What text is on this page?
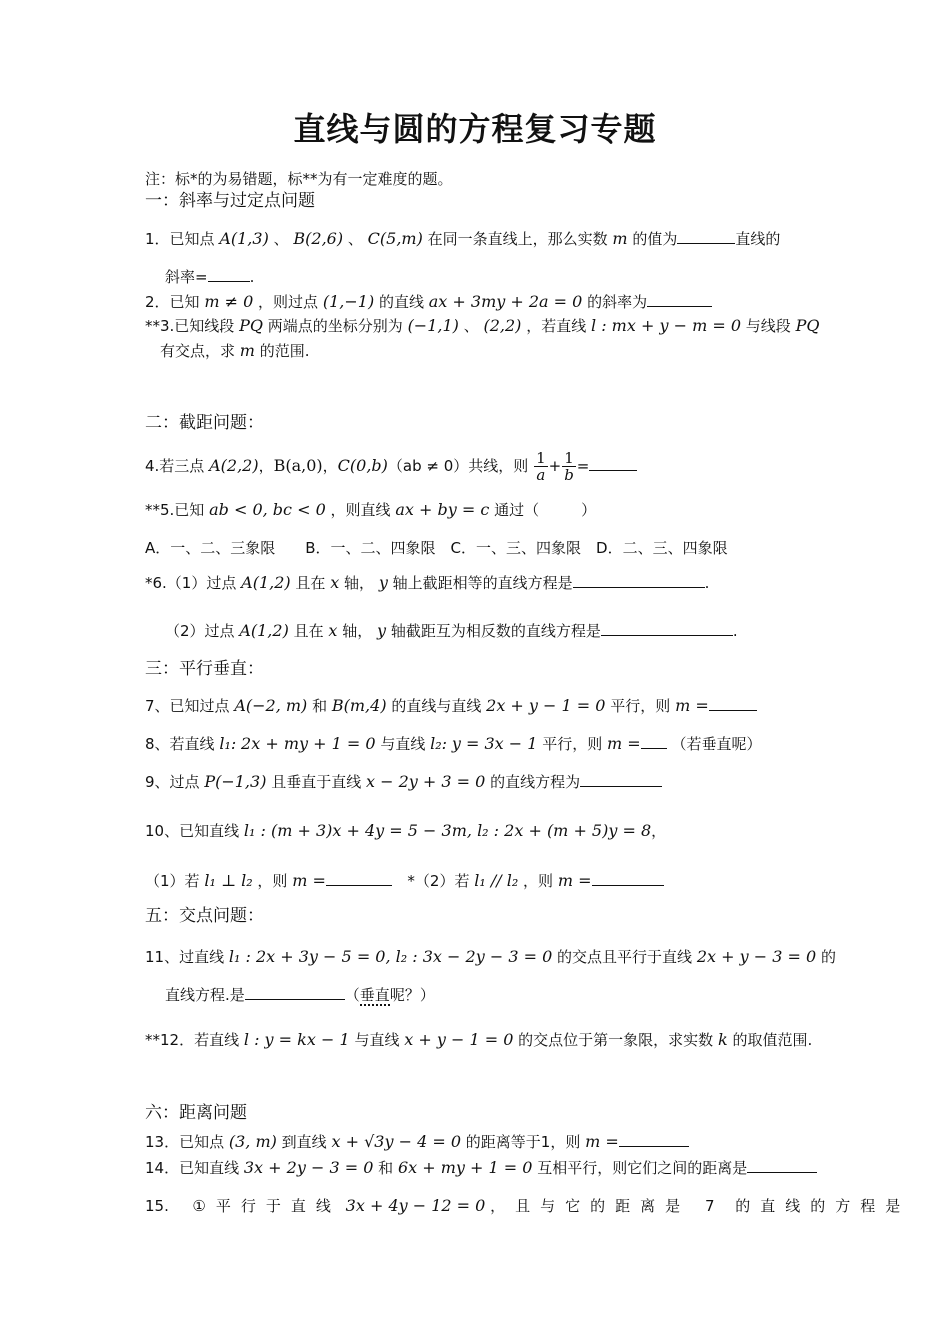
直线与圆的方程复习专题
注：标*的为易错题，标**为有一定难度的题。
一：斜率与过定点问题
1．已知点 A(1,3) 、 B(2,6) 、 C(5,m) 在同一条直线上，那么实数 m 的值为	直线的
斜率=	.
2．已知 m ≠ 0 ，则过点 (1,−1) 的直线 ax + 3my + 2a = 0 的斜率为
**3.已知线段 PQ 两端点的坐标分别为 (−1,1) 、 (2,2) ，若直线 l : mx + y − m = 0 与线段 PQ
有交点，求 m 的范围.
二：截距问题：
4.若三点 A(2,2)，B(a,0)，C(0,b)（ab ≠ 0）共线，则 $\frac{1}{a} + \frac{1}{b}$ =
**5.已知 ab < 0, bc < 0 ，则直线 ax + by = c 通过（	）
A．一、二、三象限　　B．一、二、四象限　C．一、三、四象限　D．二、三、四象限
*6.（1）过点 A(1,2) 且在 x 轴， y 轴上截距相等的直线方程是	.
（2）过点 A(1,2) 且在 x 轴， y 轴截距互为相反数的直线方程是	.
三：平行垂直：
7、已知过点 A(−2, m) 和 B(m,4) 的直线与直线 2x + y − 1 = 0 平行，则 m =
8、若直线 l₁: 2x + my + 1 = 0 与直线 l₂: y = 3x − 1 平行，则 m = （若垂直呢）
9、过点 P(−1,3) 且垂直于直线 x − 2y + 3 = 0 的直线方程为
10、已知直线 l₁ : (m + 3)x + 4y = 5 − 3m, l₂ : 2x + (m + 5)y = 8，
（1）若 l₁ ⊥ l₂ ，则 m =	*（2）若 l₁ // l₂ ，则 m =
五：交点问题：
11、过直线 l₁ : 2x + 3y − 5 = 0, l₂ : 3x − 2y − 3 = 0 的交点且平行于直线 2x + y − 3 = 0 的
直线方程.是	（垂直呢？）
**12．若直线 l : y = kx − 1 与直线 x + y − 1 = 0 的交点位于第一象限，求实数 k 的取值范围.
六：距离问题
13．已知点 (3, m) 到直线 x + √3y − 4 = 0 的距离等于1，则 m =
14．已知直线 3x + 2y − 3 = 0 和 6x + my + 1 = 0 互相平行，则它们之间的距离是
15. ①平行于直线 3x + 4y − 12 = 0 ，且与它的距离是 7 的直线的方程是
